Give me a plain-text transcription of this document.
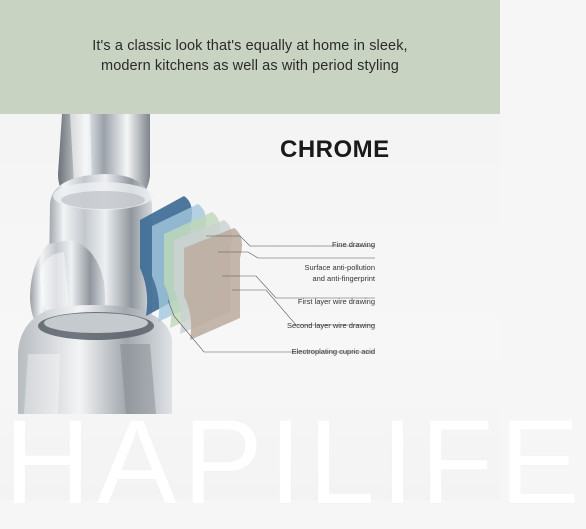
It's a classic look that's equally at home in sleek,
modern kitchens as well as with period styling
CHROME
Fine drawing
Surface anti-pollution
and anti-fingerprint
First layer wire drawing
Second layer wire drawing
Electroplating cupric acid
HAPILIFE
